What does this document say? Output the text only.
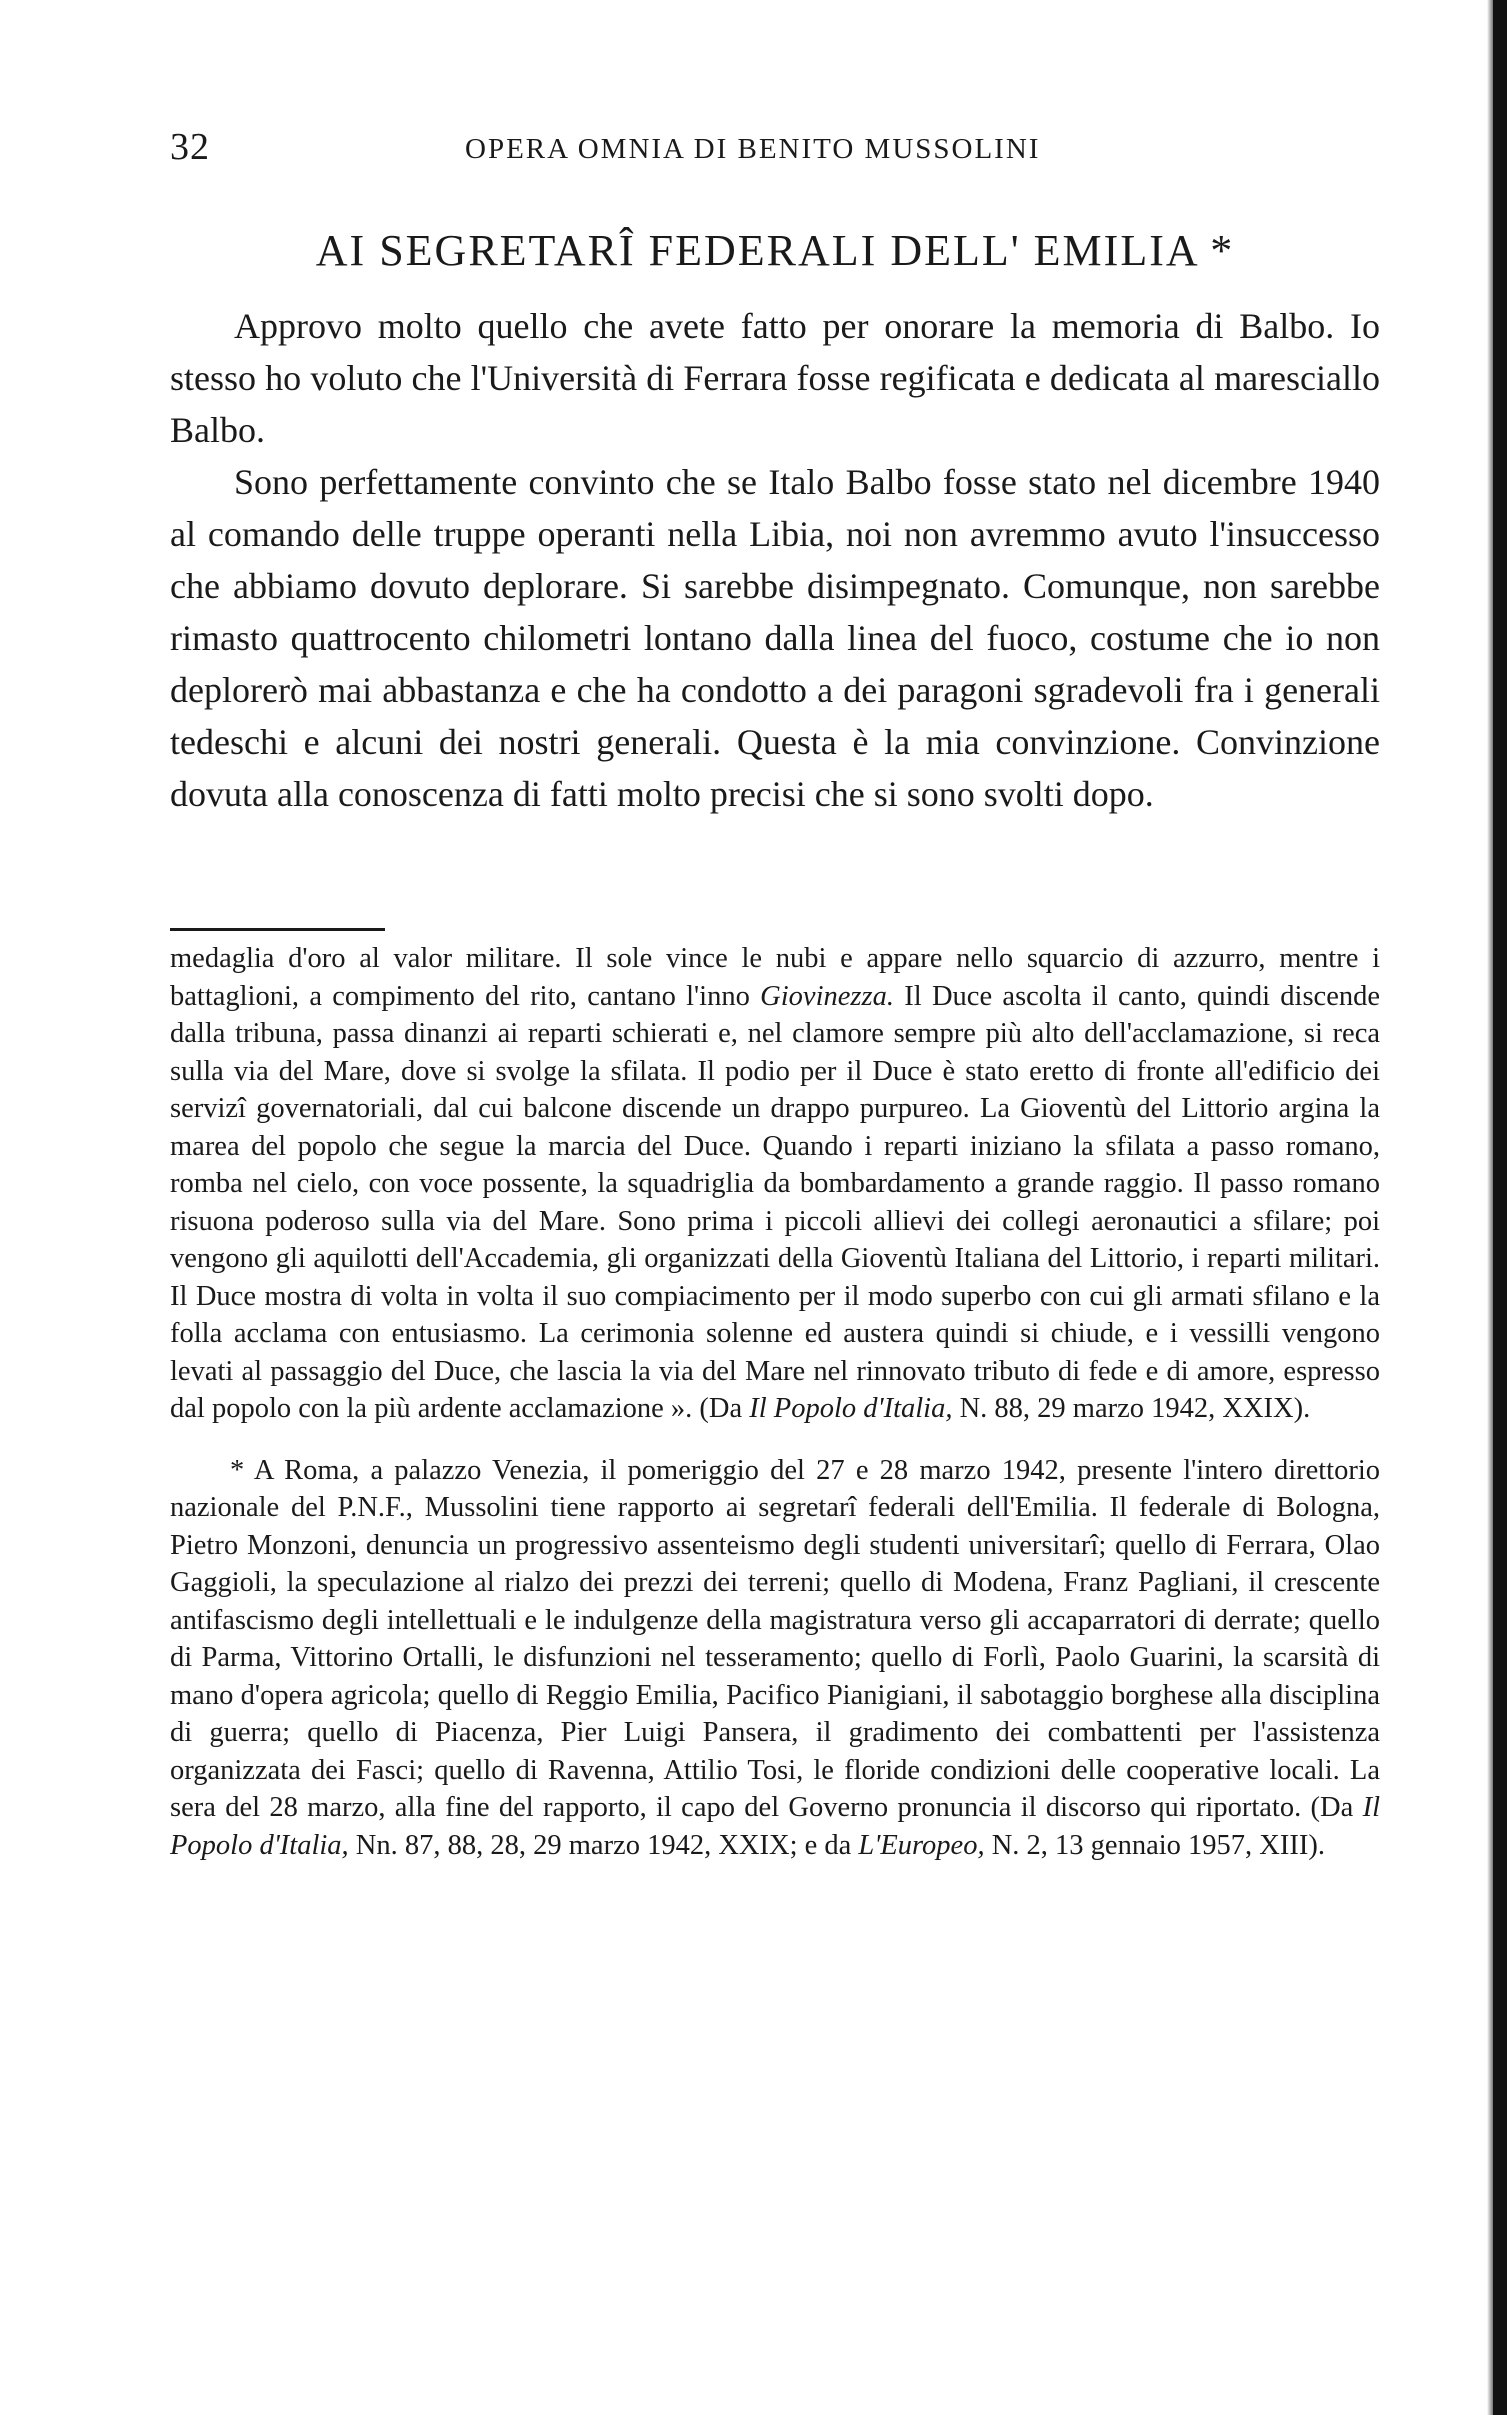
32	OPERA OMNIA DI BENITO MUSSOLINI
AI SEGRETARÎ FEDERALI DELL' EMILIA *

Approvo molto quello che avete fatto per onorare la memoria di Balbo. Io stesso ho voluto che l'Università di Ferrara fosse regificata e dedicata al maresciallo Balbo.

Sono perfettamente convinto che se Italo Balbo fosse stato nel dicembre 1940 al comando delle truppe operanti nella Libia, noi non avremmo avuto l'insuccesso che abbiamo dovuto deplorare. Si sarebbe disimpegnato. Comunque, non sarebbe rimasto quattrocento chilometri lontano dalla linea del fuoco, costume che io non deplorerò mai abbastanza e che ha condotto a dei paragoni sgradevoli fra i generali tedeschi e alcuni dei nostri generali. Questa è la mia convinzione. Convinzione dovuta alla conoscenza di fatti molto precisi che si sono svolti dopo.

medaglia d'oro al valor militare. Il sole vince le nubi e appare nello squarcio di azzurro, mentre i battaglioni, a compimento del rito, cantano l'inno Giovinezza. Il Duce ascolta il canto, quindi discende dalla tribuna, passa dinanzi ai reparti schierati e, nel clamore sempre più alto dell'acclamazione, si reca sulla via del Mare, dove si svolge la sfilata. Il podio per il Duce è stato eretto di fronte all'edificio dei servizî governatoriali, dal cui balcone discende un drappo purpureo. La Gioventù del Littorio argina la marea del popolo che segue la marcia del Duce. Quando i reparti iniziano la sfilata a passo romano, romba nel cielo, con voce possente, la squadriglia da bombardamento a grande raggio. Il passo romano risuona poderoso sulla via del Mare. Sono prima i piccoli allievi dei collegi aeronautici a sfilare; poi vengono gli aquilotti dell'Accademia, gli organizzati della Gioventù Italiana del Littorio, i reparti militari. Il Duce mostra di volta in volta il suo compiacimento per il modo superbo con cui gli armati sfilano e la folla acclama con entusiasmo. La cerimonia solenne ed austera quindi si chiude, e i vessilli vengono levati al passaggio del Duce, che lascia la via del Mare nel rinnovato tributo di fede e di amore, espresso dal popolo con la più ardente acclamazione ». (Da Il Popolo d'Italia, N. 88, 29 marzo 1942, XXIX).

* A Roma, a palazzo Venezia, il pomeriggio del 27 e 28 marzo 1942, presente l'intero direttorio nazionale del P.N.F., Mussolini tiene rapporto ai segretarî federali dell'Emilia. Il federale di Bologna, Pietro Monzoni, denuncia un progressivo assenteismo degli studenti universitarî; quello di Ferrara, Olao Gaggioli, la speculazione al rialzo dei prezzi dei terreni; quello di Modena, Franz Pagliani, il crescente antifascismo degli intellettuali e le indulgenze della magistratura verso gli accaparratori di derrate; quello di Parma, Vittorino Ortalli, le disfunzioni nel tesseramento; quello di Forlì, Paolo Guarini, la scarsità di mano d'opera agricola; quello di Reggio Emilia, Pacifico Pianigiani, il sabotaggio borghese alla disciplina di guerra; quello di Piacenza, Pier Luigi Pansera, il gradimento dei combattenti per l'assistenza organizzata dei Fasci; quello di Ravenna, Attilio Tosi, le floride condizioni delle cooperative locali. La sera del 28 marzo, alla fine del rapporto, il capo del Governo pronuncia il discorso qui riportato. (Da Il Popolo d'Italia, Nn. 87, 88, 28, 29 marzo 1942, XXIX; e da L'Europeo, N. 2, 13 gennaio 1957, XIII).
